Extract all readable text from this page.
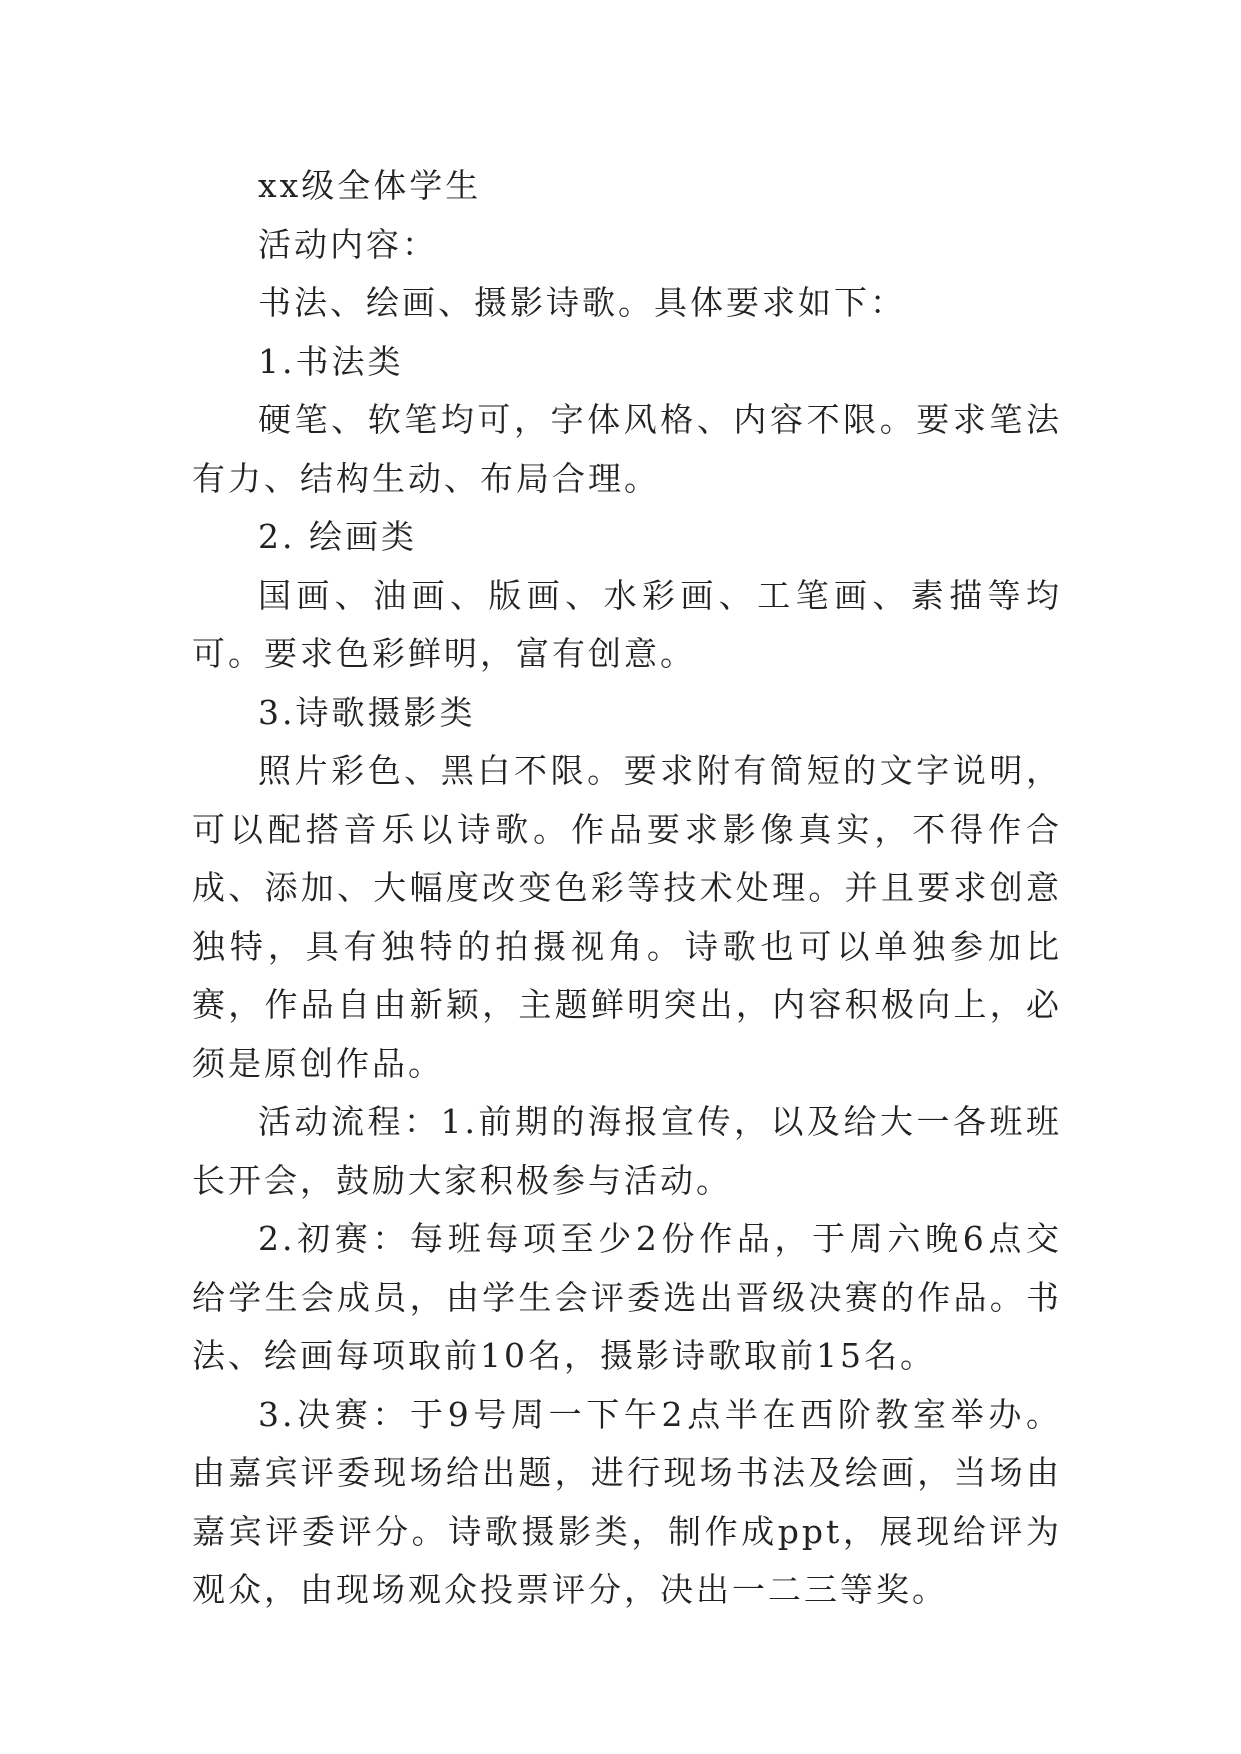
xx级全体学生

活动内容：

书法、绘画、摄影诗歌。具体要求如下：

1.书法类

硬笔、软笔均可，字体风格、内容不限。要求笔法有力、结构生动、布局合理。

2. 绘画类

国画、油画、版画、水彩画、工笔画、素描等均可。要求色彩鲜明，富有创意。

3.诗歌摄影类

照片彩色、黑白不限。要求附有简短的文字说明，可以配搭音乐以诗歌。作品要求影像真实，不得作合成、添加、大幅度改变色彩等技术处理。并且要求创意独特，具有独特的拍摄视角。诗歌也可以单独参加比赛，作品自由新颖，主题鲜明突出，内容积极向上，必须是原创作品。

活动流程：1.前期的海报宣传，以及给大一各班班长开会，鼓励大家积极参与活动。

2.初赛：每班每项至少2份作品，于周六晚6点交给学生会成员，由学生会评委选出晋级决赛的作品。书法、绘画每项取前10名，摄影诗歌取前15名。

3.决赛：于9号周一下午2点半在西阶教室举办。由嘉宾评委现场给出题，进行现场书法及绘画，当场由嘉宾评委评分。诗歌摄影类，制作成ppt，展现给评为观众，由现场观众投票评分，决出一二三等奖。
